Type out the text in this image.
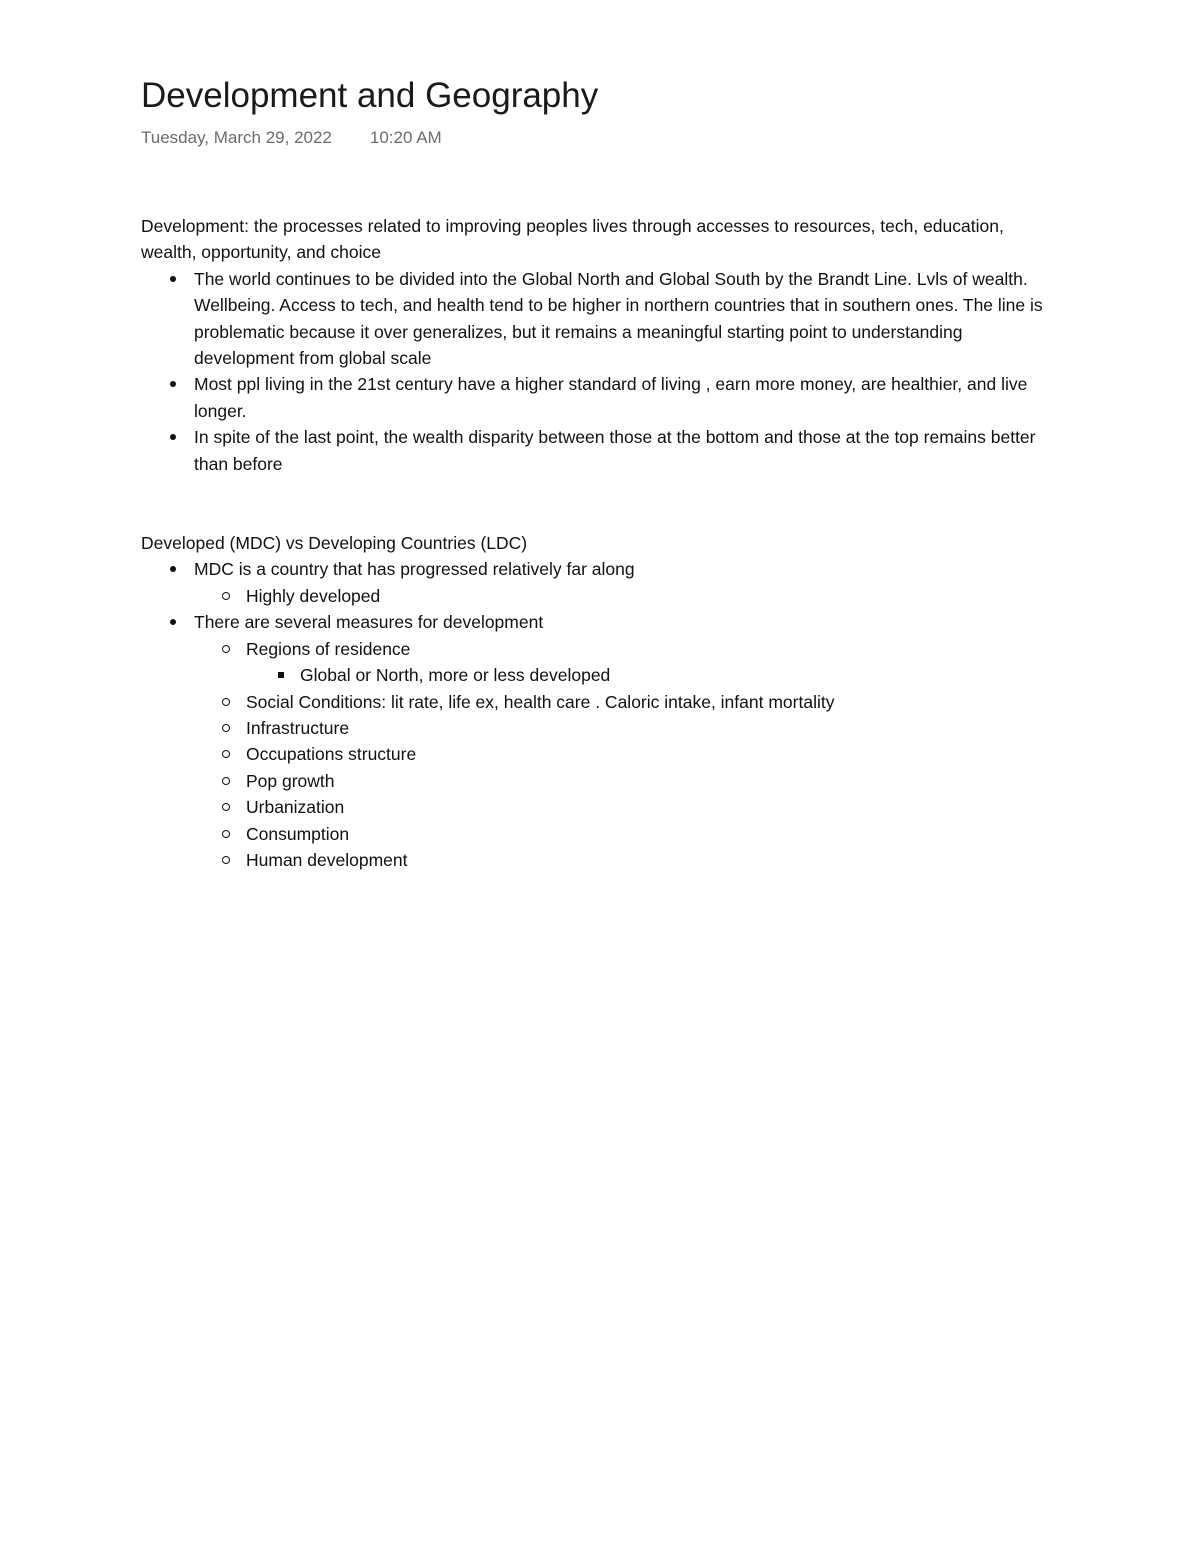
Development and Geography
Tuesday, March 29, 2022 10:20 AM

Development: the processes related to improving peoples lives through accesses to resources, tech, education, wealth, opportunity, and choice

The world continues to be divided into the Global North and Global South by the Brandt Line. Lvls of wealth. Wellbeing. Access to tech, and health tend to be higher in northern countries that in southern ones. The line is problematic because it over generalizes, but it remains a meaningful starting point to understanding development from global scale
Most ppl living in the 21st century have a higher standard of living , earn more money, are healthier, and live longer.
In spite of the last point, the wealth disparity between those at the bottom and those at the top remains better than before

Developed (MDC) vs Developing Countries (LDC)

MDC is a country that has progressed relatively far along
Highly developed
There are several measures for development
Regions of residence
Global or North, more or less developed
Social Conditions: lit rate, life ex, health care . Caloric intake, infant mortality
Infrastructure
Occupations structure
Pop growth
Urbanization
Consumption
Human development
